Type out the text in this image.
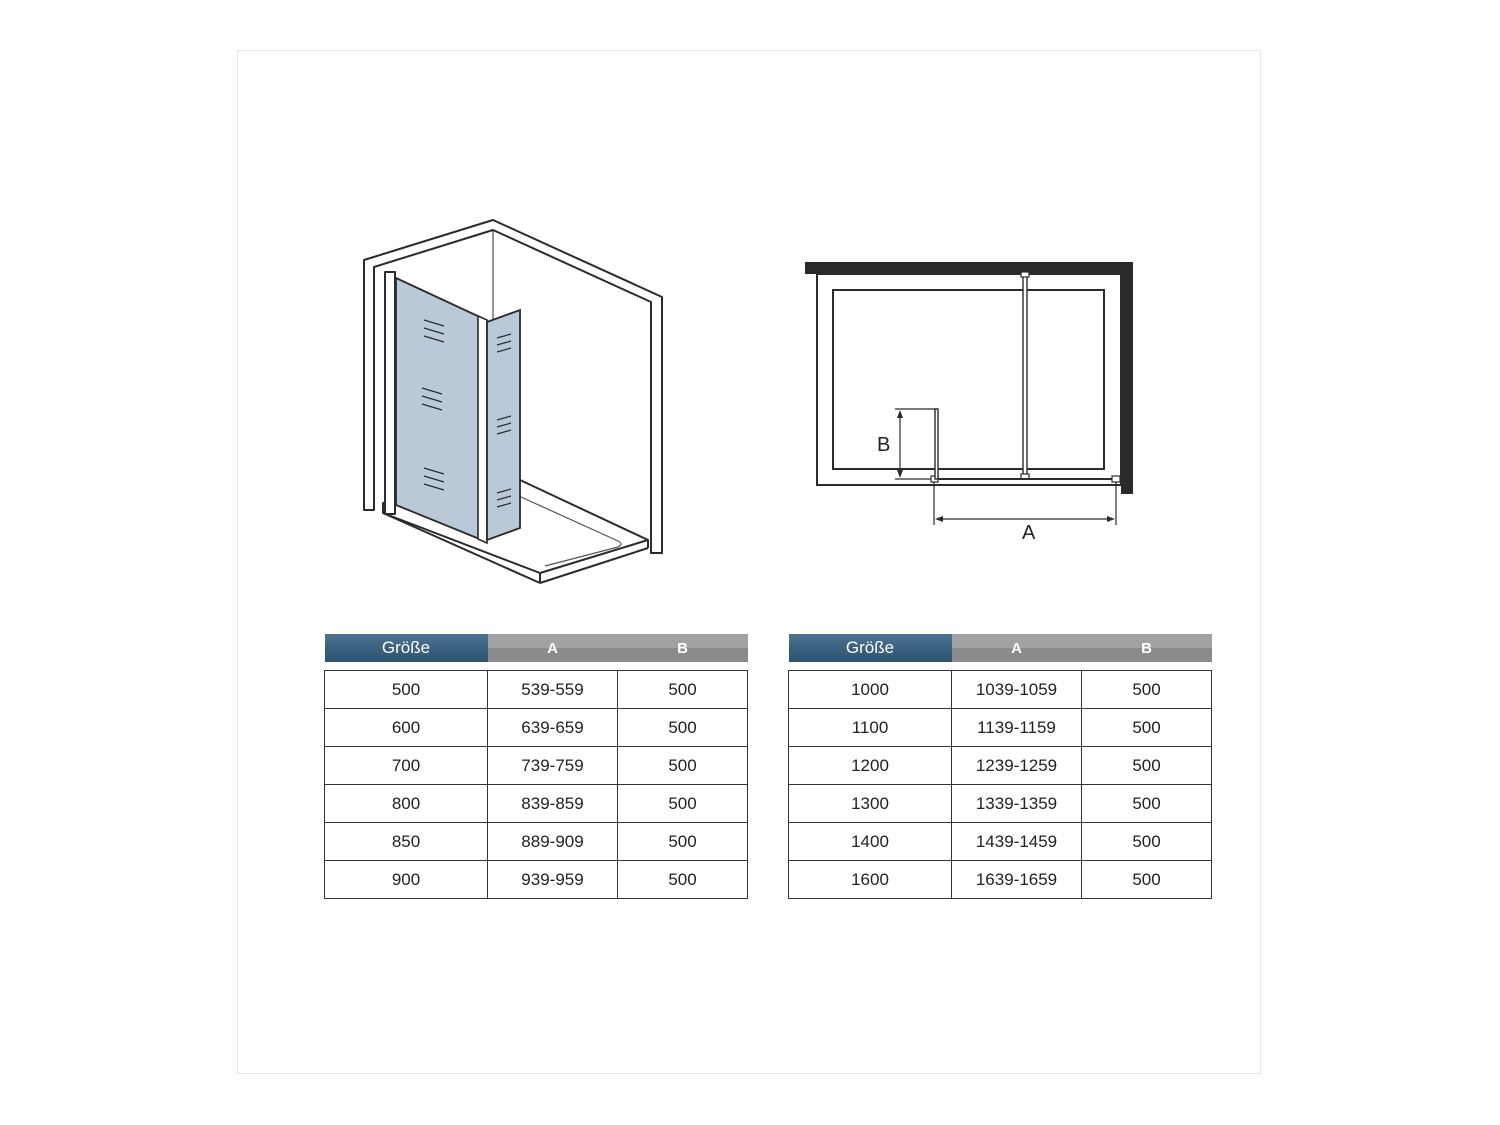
B
A
Größe	A	B

500	539-559	500
600	639-659	500
700	739-759	500
800	839-859	500
850	889-909	500
900	939-959	500
Größe	A	B

1000	1039-1059	500
1100	1139-1159	500
1200	1239-1259	500
1300	1339-1359	500
1400	1439-1459	500
1600	1639-1659	500
